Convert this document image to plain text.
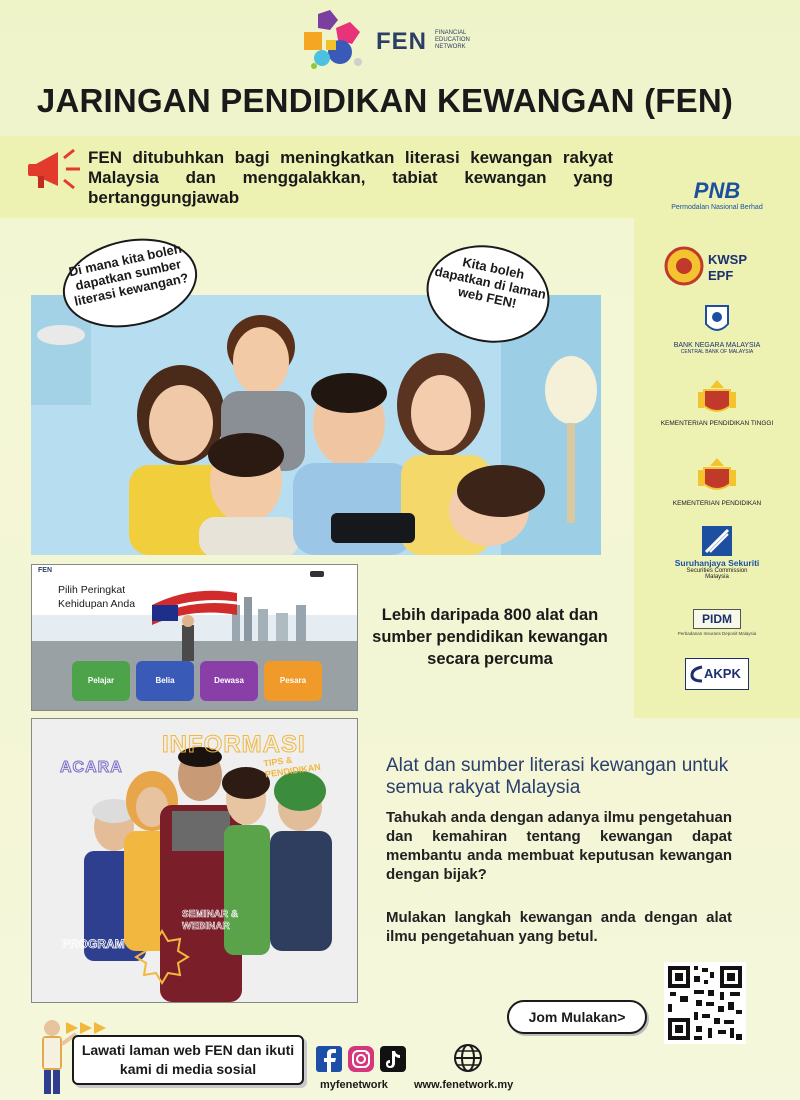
FEN FINANCIAL EDUCATION NETWORK
JARINGAN PENDIDIKAN KEWANGAN (FEN)
FEN ditubuhkan bagi meningkatkan literasi kewangan rakyat Malaysia dan menggalakkan, tabiat kewangan yang bertanggungjawab	PNB
Permodalan Nasional Berhad
KWSP
EPF
BANK NEGARA MALAYSIA
CENTRAL BANK OF MALAYSIA
KEMENTERIAN PENDIDIKAN TINGGI
KEMENTERIAN PENDIDIKAN
Suruhanjaya Sekuriti
Securities Commission Malaysia
PIDM
Perbadanan Insurans Deposit Malaysia
AKPK
Di mana kita boleh dapatkan sumber literasi kewangan?
Kita boleh dapatkan di laman web FEN!
FEN
Pilih Peringkat Kehidupan Anda
Pelajar	Belia	Dewasa	Pesara
Lebih daripada 800 alat dan sumber pendidikan kewangan secara percuma
INFORMASI
ACARA	TIPS & PENDIDIKAN
SEMINAR & WEBINAR
PROGRAM
Alat dan sumber literasi kewangan untuk semua rakyat Malaysia
Tahukah anda dengan adanya ilmu pengetahuan dan kemahiran tentang kewangan dapat membantu anda membuat keputusan kewangan dengan bijak?
Mulakan langkah kewangan anda dengan alat ilmu pengetahuan yang betul.
Jom Mulakan>
Lawati laman web FEN dan ikuti kami di media sosial
myfenetwork www.fenetwork.my
